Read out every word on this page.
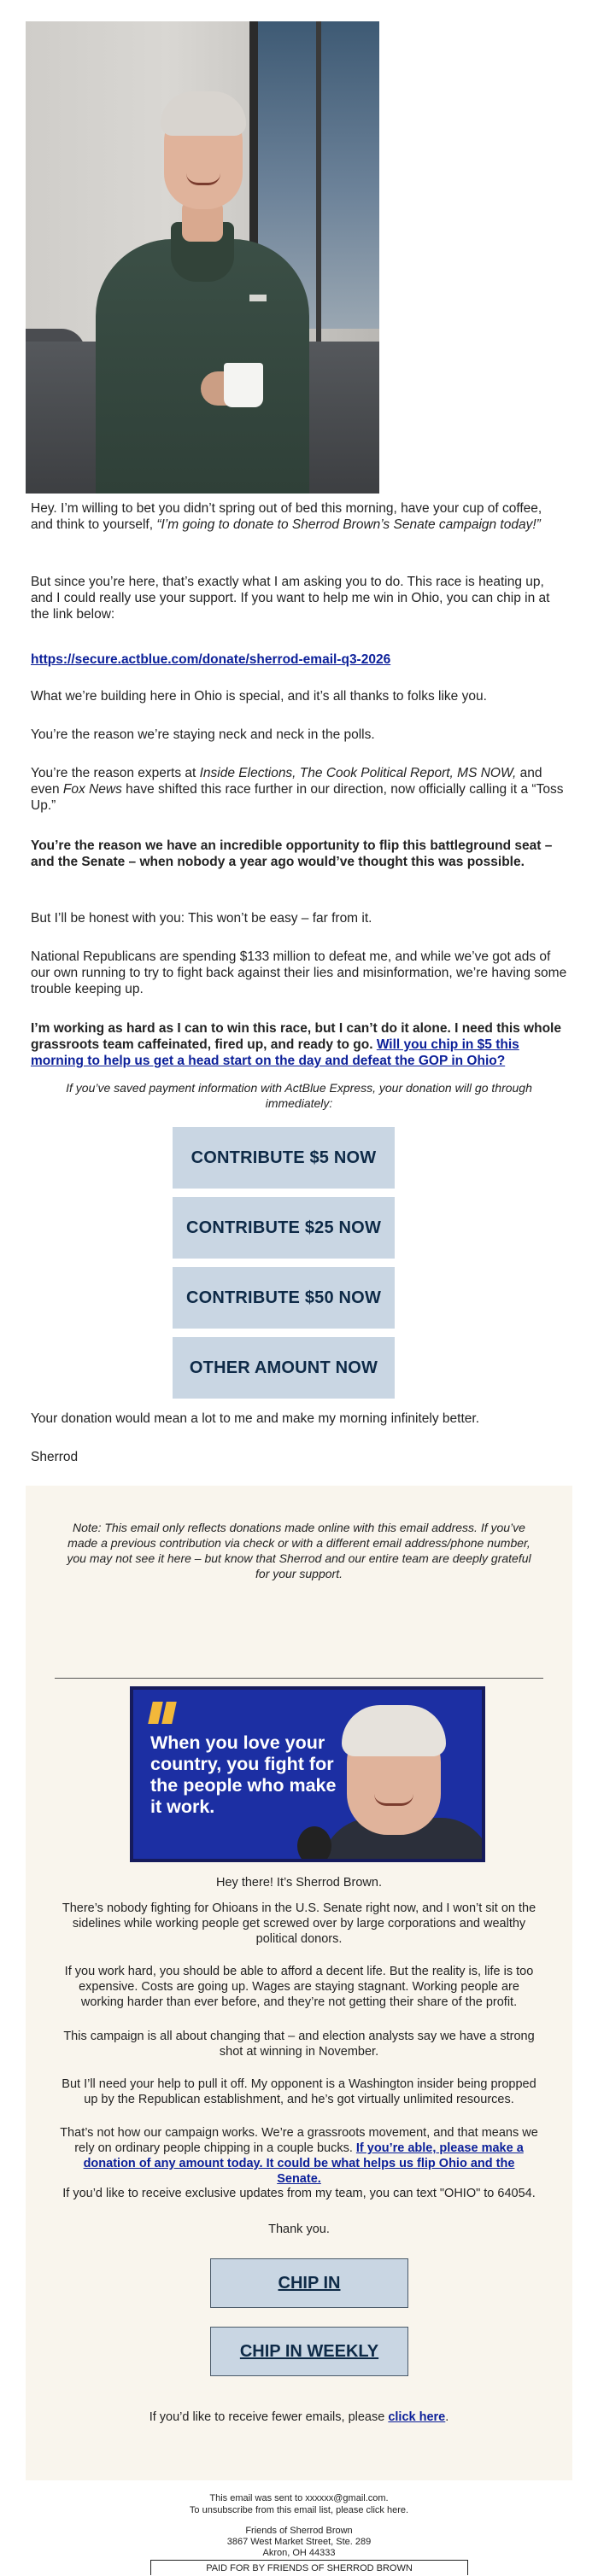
Hey. I’m willing to bet you didn’t spring out of bed this morning, have your cup of coffee, and think to yourself, “I’m going to donate to Sherrod Brown’s Senate campaign today!”

But since you’re here, that’s exactly what I am asking you to do. This race is heating up, and I could really use your support. If you want to help me win in Ohio, you can chip in at the link below:

https://secure.actblue.com/donate/sherrod-email-q3-2026

What we’re building here in Ohio is special, and it’s all thanks to folks like you.

You’re the reason we’re staying neck and neck in the polls.

You’re the reason experts at Inside Elections, The Cook Political Report, MS NOW, and even Fox News have shifted this race further in our direction, now officially calling it a “Toss Up.”

You’re the reason we have an incredible opportunity to flip this battleground seat – and the Senate – when nobody a year ago would’ve thought this was possible.

But I’ll be honest with you: This won’t be easy – far from it.

National Republicans are spending $133 million to defeat me, and while we’ve got ads of our own running to try to fight back against their lies and misinformation, we’re having some trouble keeping up.

I’m working as hard as I can to win this race, but I can’t do it alone. I need this whole grassroots team caffeinated, fired up, and ready to go. Will you chip in $5 this morning to help us get a head start on the day and defeat the GOP in Ohio?

If you’ve saved payment information with ActBlue Express, your donation will go through immediately:
CONTRIBUTE $5 NOW
CONTRIBUTE $25 NOW
CONTRIBUTE $50 NOW
OTHER AMOUNT NOW

Your donation would mean a lot to me and make my morning infinitely better.

Sherrod

Note: This email only reflects donations made online with this email address. If you’ve made a previous contribution via check or with a different email address/phone number, you may not see it here – but know that Sherrod and our entire team are deeply grateful for your support.
When you love your country, you fight for the people who make it work.
Hey there! It’s Sherrod Brown.
There’s nobody fighting for Ohioans in the U.S. Senate right now, and I won’t sit on the sidelines while working people get screwed over by large corporations and wealthy political donors.
If you work hard, you should be able to afford a decent life. But the reality is, life is too expensive. Costs are going up. Wages are staying stagnant. Working people are working harder than ever before, and they’re not getting their share of the profit.
This campaign is all about changing that – and election analysts say we have a strong shot at winning in November.
But I’ll need your help to pull it off. My opponent is a Washington insider being propped up by the Republican establishment, and he’s got virtually unlimited resources.
That’s not how our campaign works. We’re a grassroots movement, and that means we rely on ordinary people chipping in a couple bucks. If you’re able, please make a donation of any amount today. It could be what helps us flip Ohio and the Senate.
If you’d like to receive exclusive updates from my team, you can text "OHIO" to 64054.
Thank you.
CHIP IN
CHIP IN WEEKLY
If you’d like to receive fewer emails, please click here.
This email was sent to xxxxxx@gmail.com.
To unsubscribe from this email list, please click here.
Friends of Sherrod Brown
3867 West Market Street, Ste. 289
Akron, OH 44333
PAID FOR BY FRIENDS OF SHERROD BROWN
